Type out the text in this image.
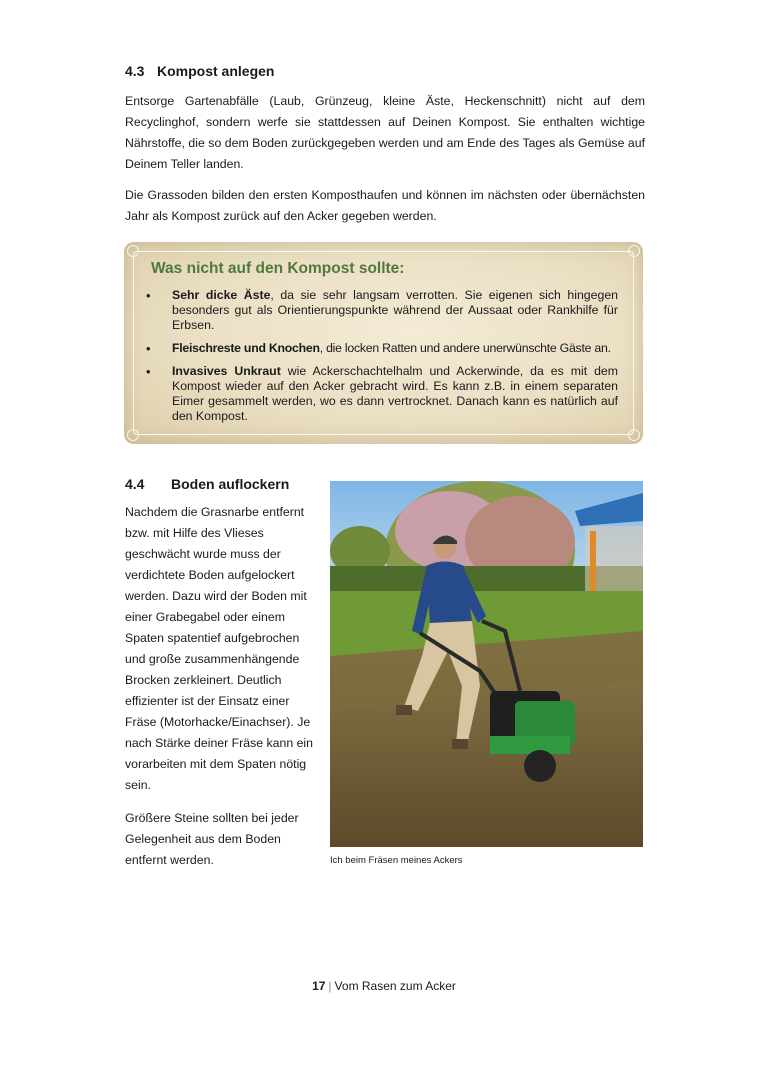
4.3 Kompost anlegen

Entsorge Gartenabfälle (Laub, Grünzeug, kleine Äste, Heckenschnitt) nicht auf dem Recyclinghof, sondern werfe sie stattdessen auf Deinen Kompost. Sie enthalten wichtige Nährstoffe, die so dem Boden zurückgegeben werden und am Ende des Tages als Gemüse auf Deinem Teller landen.

Die Grassoden bilden den ersten Komposthaufen und können im nächsten oder übernächsten Jahr als Kompost zurück auf den Acker gegeben werden.

Was nicht auf den Kompost sollte:
• Sehr dicke Äste, da sie sehr langsam verrotten. Sie eigenen sich hingegen besonders gut als Orientierungspunkte während der Aussaat oder Rankhilfe für Erbsen.
• Fleischreste und Knochen, die locken Ratten und andere unerwünschte Gäste an.
• Invasives Unkraut wie Ackerschachtelhalm und Ackerwinde, da es mit dem Kompost wieder auf den Acker gebracht wird. Es kann z.B. in einem separaten Eimer gesammelt werden, wo es dann vertrocknet. Danach kann es natürlich auf den Kompost.
4.4 Boden auflockern

Nachdem die Grasnarbe entfernt bzw. mit Hilfe des Vlieses geschwächt wurde muss der verdichtete Boden aufgelockert werden. Dazu wird der Boden mit einer Grabegabel oder einem Spaten spatentief aufgebrochen und große zusammenhängende Brocken zerkleinert. Deutlich effizienter ist der Einsatz einer Fräse (Motorhacke/Einachser). Je nach Stärke deiner Fräse kann ein vorarbeiten mit dem Spaten nötig sein.

Größere Steine sollten bei jeder Gelegenheit aus dem Boden entfernt werden.	Ich beim Fräsen meines Ackers

17 | Vom Rasen zum Acker
